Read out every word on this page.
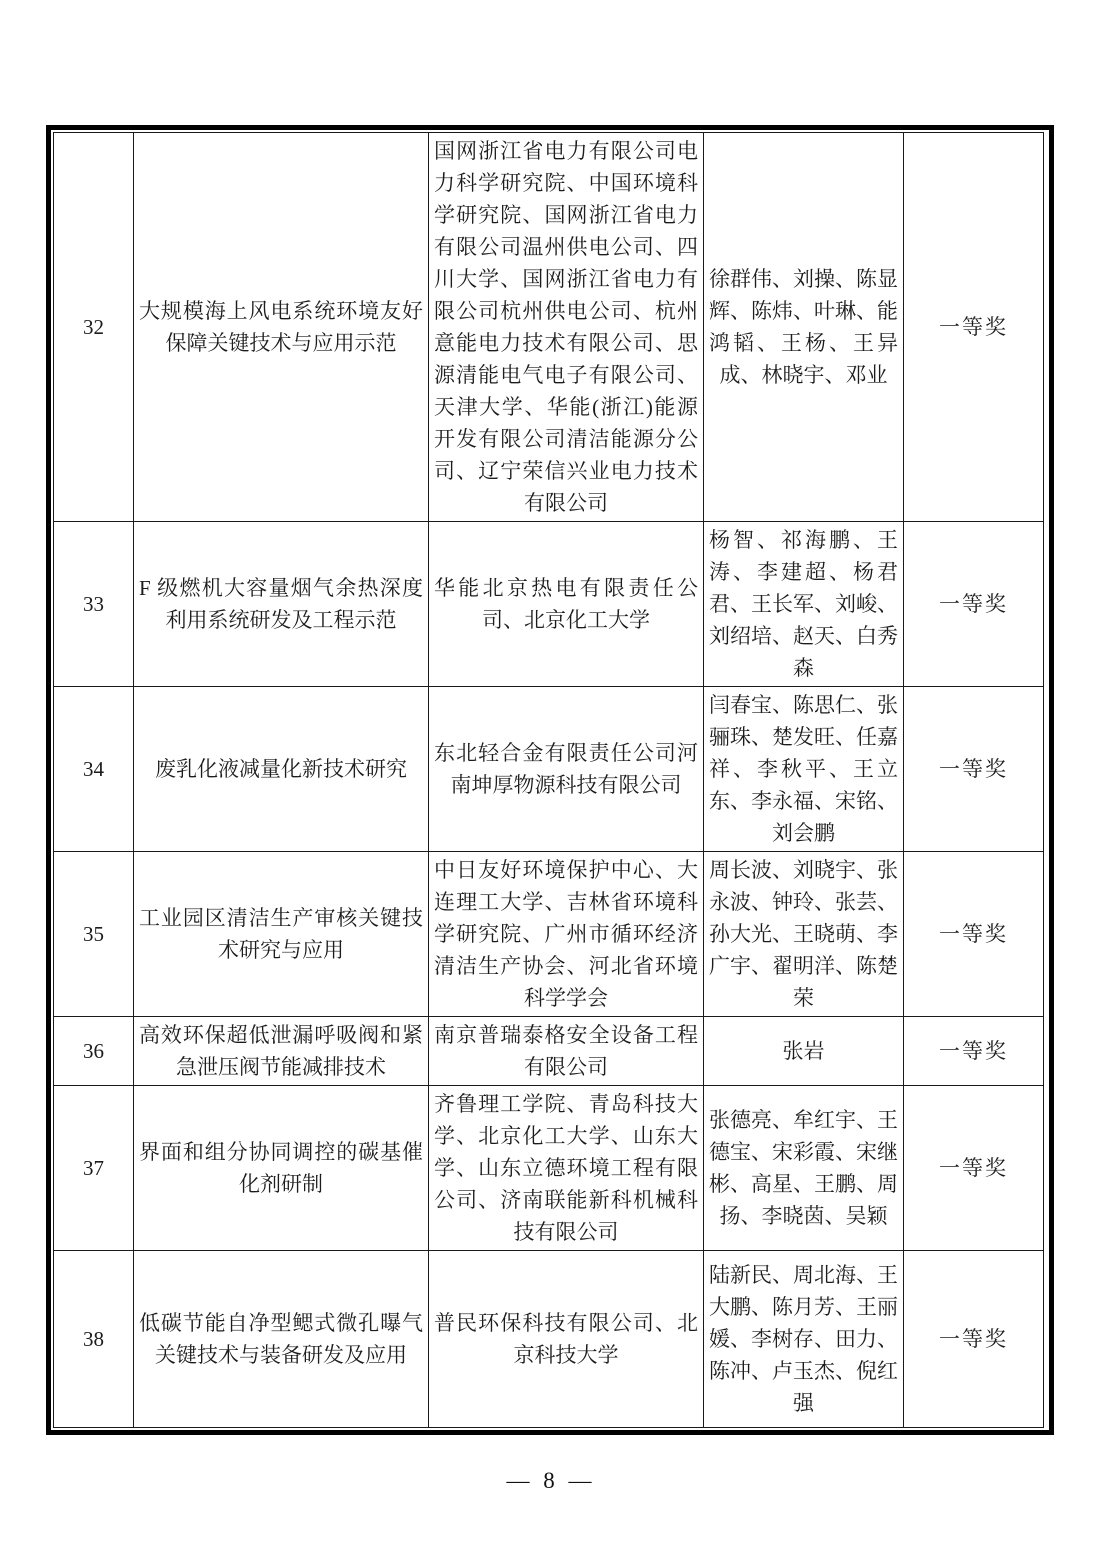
32	大规模海上风电系统环境友好保障关键技术与应用示范	国网浙江省电力有限公司电力科学研究院、中国环境科学研究院、国网浙江省电力有限公司温州供电公司、四川大学、国网浙江省电力有限公司杭州供电公司、杭州意能电力技术有限公司、思源清能电气电子有限公司、天津大学、华能(浙江)能源开发有限公司清洁能源分公司、辽宁荣信兴业电力技术有限公司	徐群伟、刘操、陈显辉、陈炜、叶琳、能鸿韬、王杨、王异成、林晓宇、邓业	一等奖
33	F 级燃机大容量烟气余热深度利用系统研发及工程示范	华能北京热电有限责任公司、北京化工大学	杨智、祁海鹏、王涛、李建超、杨君君、王长军、刘峻、刘绍培、赵天、白秀森	一等奖
34	废乳化液减量化新技术研究	东北轻合金有限责任公司河南坤厚物源科技有限公司	闫春宝、陈思仁、张骊珠、楚发旺、任嘉祥、李秋平、王立东、李永福、宋铭、刘会鹏	一等奖
35	工业园区清洁生产审核关键技术研究与应用	中日友好环境保护中心、大连理工大学、吉林省环境科学研究院、广州市循环经济清洁生产协会、河北省环境科学学会	周长波、刘晓宇、张永波、钟玲、张芸、孙大光、王晓萌、李广宇、翟明洋、陈楚荣	一等奖
36	高效环保超低泄漏呼吸阀和紧急泄压阀节能减排技术	南京普瑞泰格安全设备工程有限公司	张岩	一等奖
37	界面和组分协同调控的碳基催化剂研制	齐鲁理工学院、青岛科技大学、北京化工大学、山东大学、山东立德环境工程有限公司、济南联能新科机械科技有限公司	张德亮、牟红宇、王德宝、宋彩霞、宋继彬、高星、王鹏、周扬、李晓茵、吴颖	一等奖
38	低碳节能自净型鳃式微孔曝气关键技术与装备研发及应用	普民环保科技有限公司、北京科技大学	陆新民、周北海、王大鹏、陈月芳、王丽媛、李树存、田力、陈冲、卢玉杰、倪红强	一等奖
— 8 —
